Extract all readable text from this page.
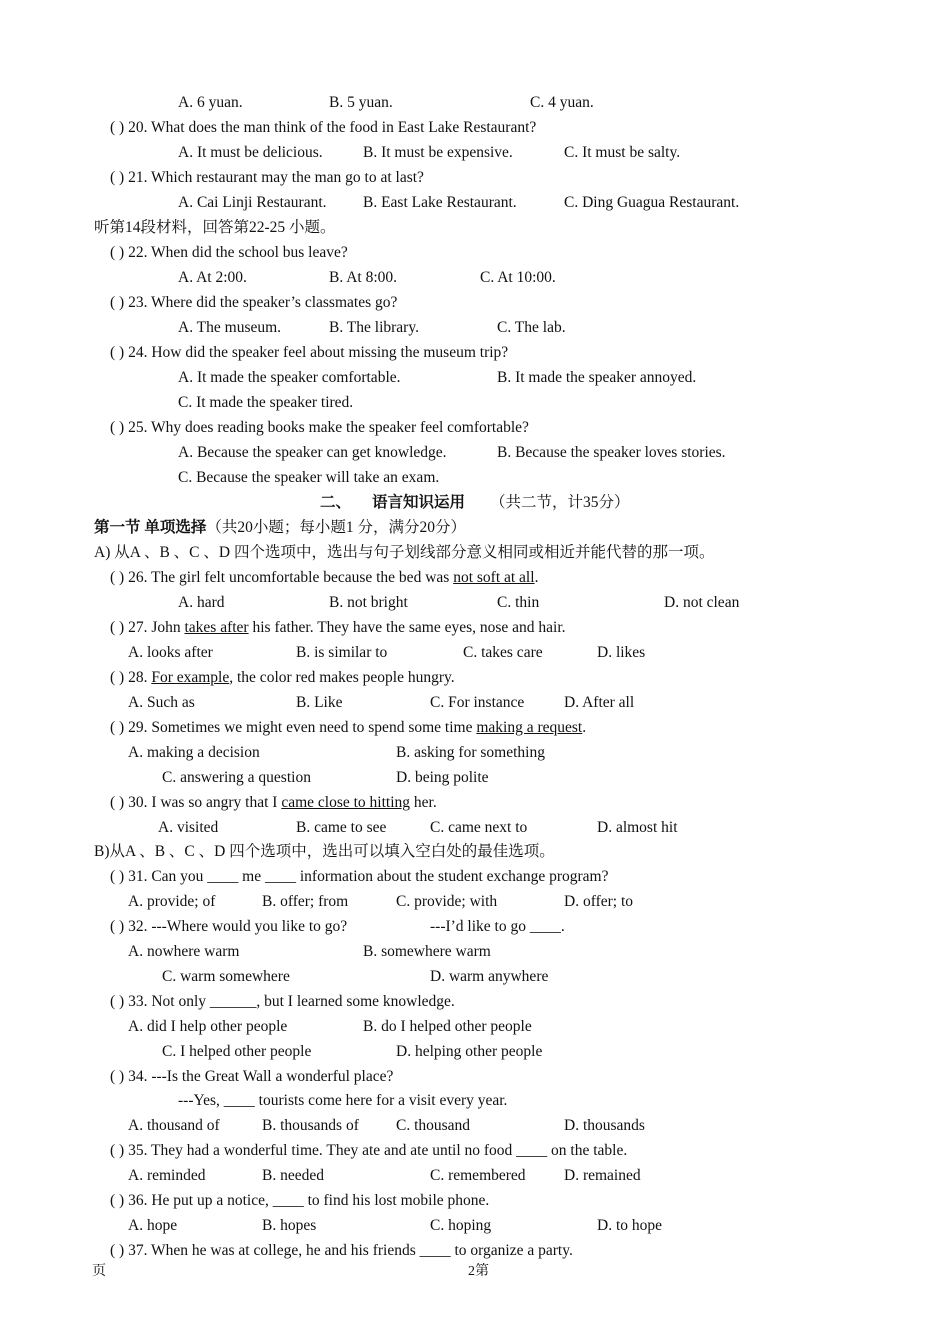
A. 6 yuan.	B. 5 yuan.	C. 4 yuan.
( ) 20. What does the man think of the food in East Lake Restaurant?
A. It must be delicious.	B. It must be expensive.	C. It must be salty.
( ) 21. Which restaurant may the man go to at last?
A. Cai Linji Restaurant. B. East Lake Restaurant.	C. Ding Guagua Restaurant.
听第14段材料，回答第22-25 小题。
( ) 22. When did the school bus leave?
A. At 2:00.	B. At 8:00.	C. At 10:00.
( ) 23. Where did the speaker’s classmates go?
A. The museum.	B. The library.	C. The lab.
( ) 24. How did the speaker feel about missing the museum trip?
A. It made the speaker comfortable.	B. It made the speaker annoyed.
C. It made the speaker tired.
( ) 25. Why does reading books make the speaker feel comfortable?
A. Because the speaker can get knowledge.	B. Because the speaker loves stories.
C. Because the speaker will take an exam.
二、 语言知识运用 （共二节，计35分）
第一节 单项选择（共20小题；每小题1 分，满分20分）
A) 从A 、B 、C 、D 四个选项中，选出与句子划线部分意义相同或相近并能代替的那一项。
( ) 26. The girl felt uncomfortable because the bed was not soft at all.
A. hard	B. not bright	C. thin	D. not clean
( ) 27. John takes after his father. They have the same eyes, nose and hair.
A. looks after	B. is similar to	C. takes care	D. likes
( ) 28. For example, the color red makes people hungry.
A. Such as	B. Like	C. For instance	D. After all
( ) 29. Sometimes we might even need to spend some time making a request.
A. making a decision	B. asking for something
C. answering a question	D. being polite
( ) 30. I was so angry that I came close to hitting her.
A. visited	B. came to see	C. came next to	D. almost hit
B)从A 、B 、C 、D 四个选项中，选出可以填入空白处的最佳选项。
( ) 31. Can you ____ me ____ information about the student exchange program?
A. provide; of	B. offer; from	C. provide; with	D. offer; to
( ) 32. ---Where would you like to go?	---I’d like to go ____.
A. nowhere warm	B. somewhere warm
C. warm somewhere	D. warm anywhere
( ) 33. Not only ______, but I learned some knowledge.
A. did I help other people	B. do I helped other people
C. I helped other people	D. helping other people
( ) 34. ---Is the Great Wall a wonderful place?
---Yes, ____ tourists come here for a visit every year.
A. thousand of	B. thousands of C. thousand	D. thousands
( ) 35. They had a wonderful time. They ate and ate until no food ____ on the table.
A. reminded	B. needed	C. remembered D. remained
( ) 36. He put up a notice, ____ to find his lost mobile phone.
A. hope	B. hopes	C. hoping	D. to hope
( ) 37. When he was at college, he and his friends ____ to organize a party.
页	2第
